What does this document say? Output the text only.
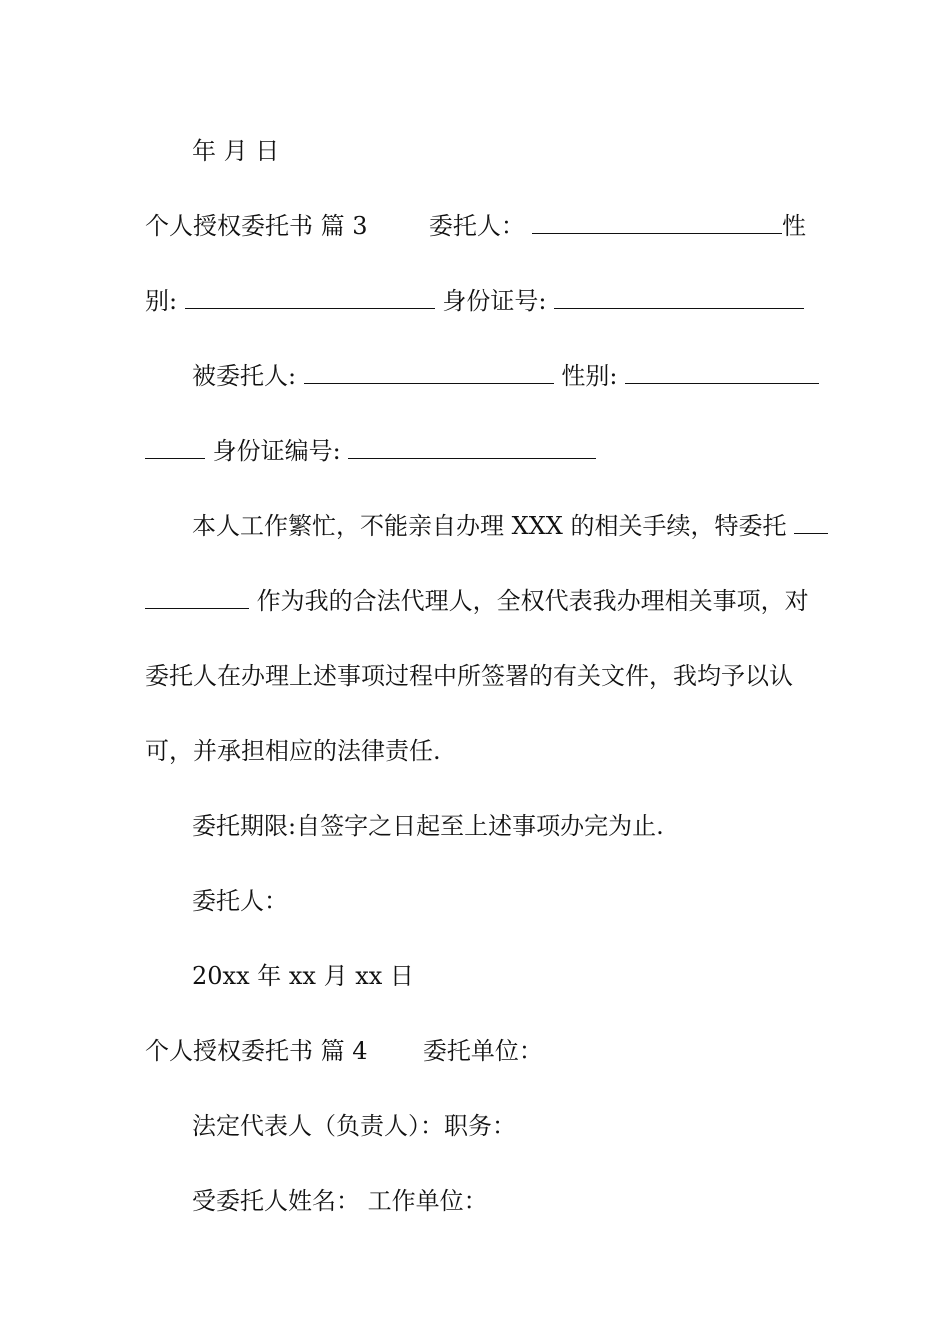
年 月 日
个人授权委托书 篇 3	委托人：	性
别:	身份证号:
被委托人:	性别:
身份证编号:
本人工作繁忙，不能亲自办理 XXX 的相关手续，特委托
作为我的合法代理人，全权代表我办理相关事项，对
委托人在办理上述事项过程中所签署的有关文件，我均予以认
可，并承担相应的法律责任.
委托期限:自签字之日起至上述事项办完为止.
委托人：
20xx 年 xx 月 xx 日
个人授权委托书 篇 4 委托单位：
法定代表人（负责人）：职务：
受委托人姓名： 工作单位：
